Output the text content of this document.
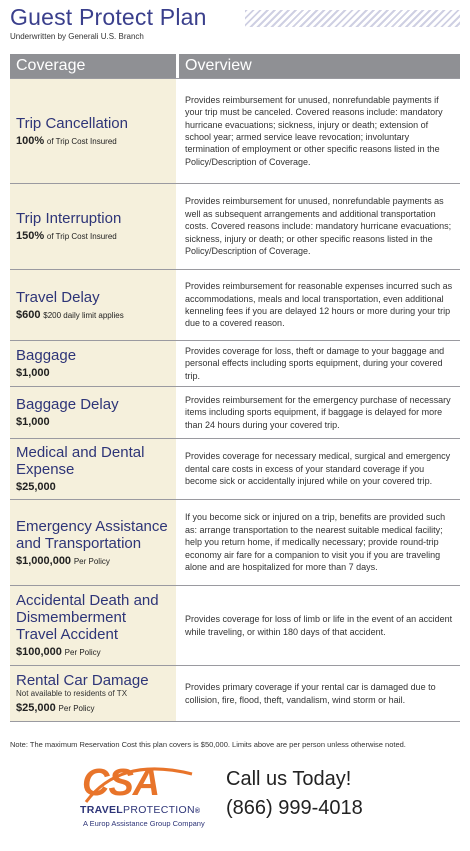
Guest Protect Plan
Underwritten by Generali U.S. Branch
Coverage	Overview
Trip Cancellation
100% of Trip Cost Insured
Provides reimbursement for unused, nonrefundable payments if your trip must be canceled. Covered reasons include: mandatory hurricane evacuations; sickness, injury or death; extension of school year; armed service leave revocation; involuntary termination of employment or other specific reasons listed in the Policy/Description of Coverage.
Trip Interruption
150% of Trip Cost Insured
Provides reimbursement for unused, nonrefundable payments as well as subsequent arrangements and additional transportation costs. Covered reasons include: mandatory hurricane evacuations; sickness, injury or death; or other specific reasons listed in the Policy/Description of Coverage.
Travel Delay
$600 $200 daily limit applies
Provides reimbursement for reasonable expenses incurred such as accommodations, meals and local transportation, even additional kenneling fees if you are delayed 12 hours or more during your trip due to a covered reason.
Baggage
$1,000
Provides coverage for loss, theft or damage to your baggage and personal effects including sports equipment, during your covered trip.
Baggage Delay
$1,000
Provides reimbursement for the emergency purchase of necessary items including sports equipment, if baggage is delayed for more than 24 hours during your covered trip.
Medical and Dental Expense
$25,000
Provides coverage for necessary medical, surgical and emergency dental care costs in excess of your standard coverage if you become sick or accidentally injured while on your covered trip.
Emergency Assistance and Transportation
$1,000,000 Per Policy
If you become sick or injured on a trip, benefits are provided such as: arrange transportation to the nearest suitable medical facility; help you return home, if medically necessary; provide round-trip economy air fare for a companion to visit you if you are traveling alone and are hospitalized for more than 7 days.
Accidental Death and Dismemberment Travel Accident
$100,000 Per Policy
Provides coverage for loss of limb or life in the event of an accident while traveling, or within 180 days of that accident.
Rental Car Damage
Not available to residents of TX
$25,000 Per Policy
Provides primary coverage if your rental car is damaged due to collision, fire, flood, theft, vandalism, wind storm or hail.
Note: The maximum Reservation Cost this plan covers is $50,000. Limits above are per person unless otherwise noted.
CSA
TRAVELPROTECTION®
A Europ Assistance Group Company
Call us Today!
(866) 999-4018
